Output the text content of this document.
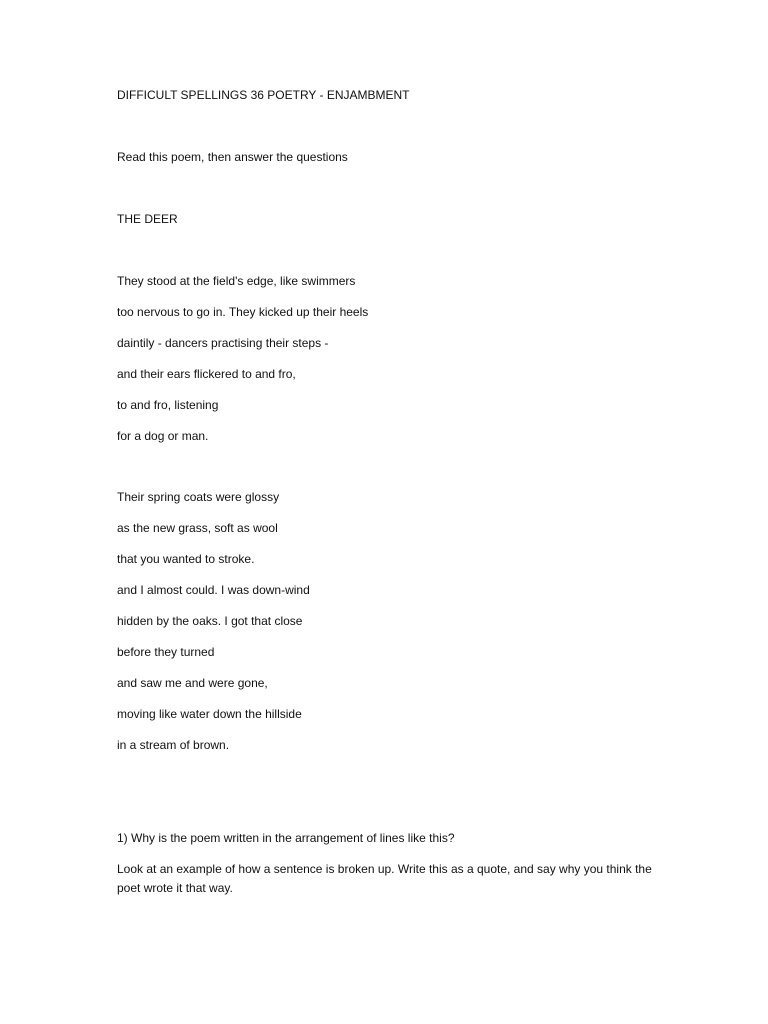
DIFFICULT SPELLINGS 36 POETRY - ENJAMBMENT
Read this poem, then answer the questions
THE DEER
They stood at the field's edge, like swimmers
too nervous to go in. They kicked up their heels
daintily - dancers practising their steps -
and their ears flickered to and fro,
to and fro, listening
for a dog or man.
Their spring coats were glossy
as the new grass, soft as wool
that you wanted to stroke.
and I almost could. I was down-wind
hidden by the oaks. I got that close
before they turned
and saw me and were gone,
moving like water down the hillside
in a stream of brown.
1) Why is the poem written in the arrangement of lines like this?
Look at an example of how a sentence is broken up. Write this as a quote, and say why you think the poet wrote it that way.
